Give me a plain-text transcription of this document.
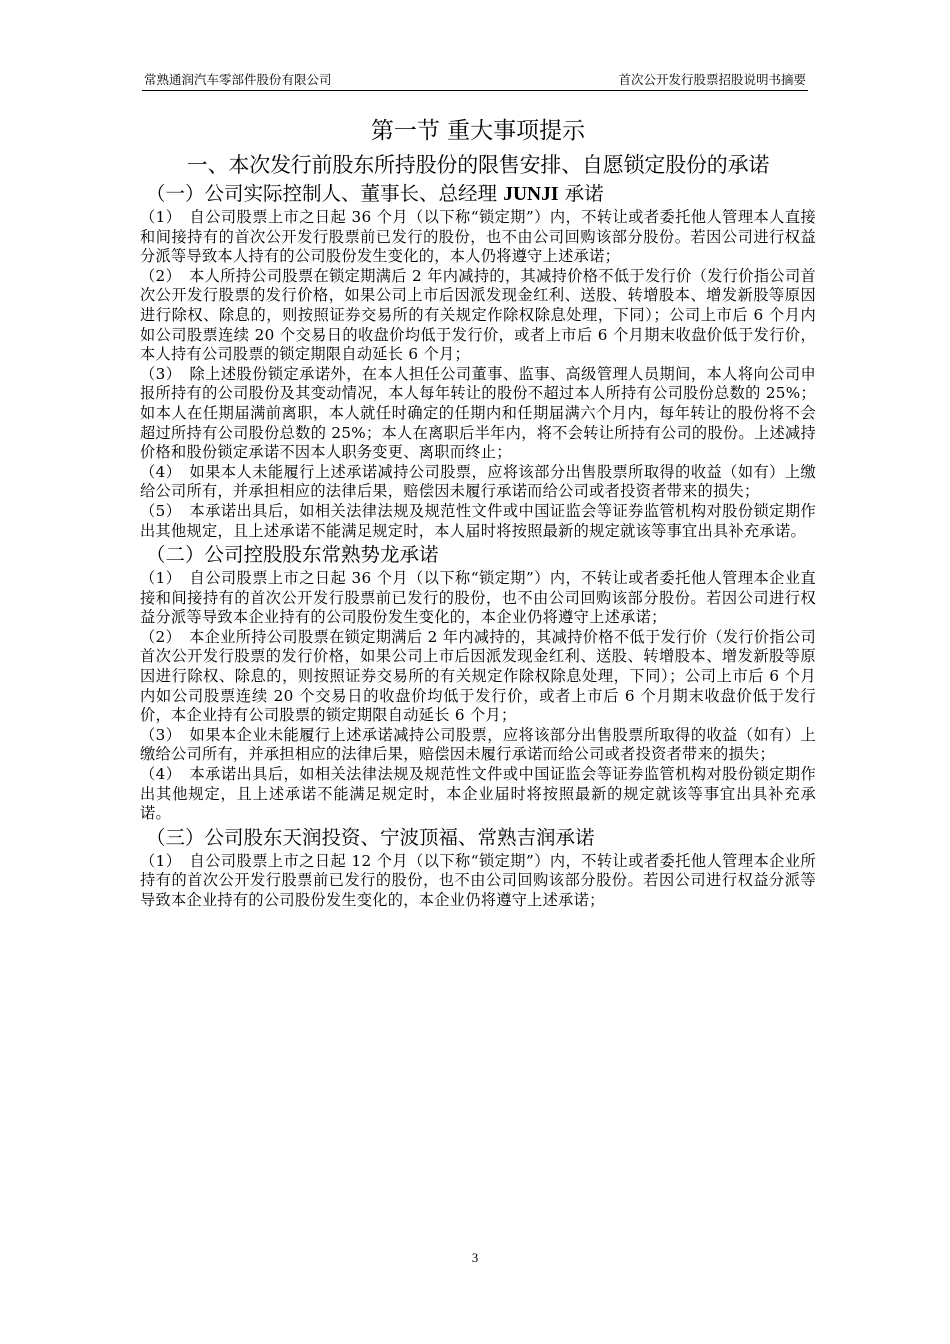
常熟通润汽车零部件股份有限公司	首次公开发行股票招股说明书摘要
第一节 重大事项提示
一、本次发行前股东所持股份的限售安排、自愿锁定股份的承诺
（一）公司实际控制人、董事长、总经理 JUNJI 承诺

（1）　自公司股票上市之日起 36 个月（以下称“锁定期”）内，不转让或者委托他人管理本人直接和间接持有的首次公开发行股票前已发行的股份，也不由公司回购该部分股份。若因公司进行权益分派等导致本人持有的公司股份发生变化的，本人仍将遵守上述承诺；

（2）　本人所持公司股票在锁定期满后 2 年内减持的，其减持价格不低于发行价（发行价指公司首次公开发行股票的发行价格，如果公司上市后因派发现金红利、送股、转增股本、增发新股等原因进行除权、除息的，则按照证券交易所的有关规定作除权除息处理，下同）；公司上市后 6 个月内如公司股票连续 20 个交易日的收盘价均低于发行价，或者上市后 6 个月期末收盘价低于发行价，本人持有公司股票的锁定期限自动延长 6 个月；

（3）　除上述股份锁定承诺外，在本人担任公司董事、监事、高级管理人员期间，本人将向公司申报所持有的公司股份及其变动情况，本人每年转让的股份不超过本人所持有公司股份总数的 25%；如本人在任期届满前离职，本人就任时确定的任期内和任期届满六个月内，每年转让的股份将不会超过所持有公司股份总数的 25%；本人在离职后半年内，将不会转让所持有公司的股份。上述减持价格和股份锁定承诺不因本人职务变更、离职而终止；

（4）　如果本人未能履行上述承诺减持公司股票，应将该部分出售股票所取得的收益（如有）上缴给公司所有，并承担相应的法律后果，赔偿因未履行承诺而给公司或者投资者带来的损失；

（5）　本承诺出具后，如相关法律法规及规范性文件或中国证监会等证券监管机构对股份锁定期作出其他规定，且上述承诺不能满足规定时，本人届时将按照最新的规定就该等事宜出具补充承诺。

（二）公司控股股东常熟势龙承诺

（1）　自公司股票上市之日起 36 个月（以下称“锁定期”）内，不转让或者委托他人管理本企业直接和间接持有的首次公开发行股票前已发行的股份，也不由公司回购该部分股份。若因公司进行权益分派等导致本企业持有的公司股份发生变化的，本企业仍将遵守上述承诺；

（2）　本企业所持公司股票在锁定期满后 2 年内减持的，其减持价格不低于发行价（发行价指公司首次公开发行股票的发行价格，如果公司上市后因派发现金红利、送股、转增股本、增发新股等原因进行除权、除息的，则按照证券交易所的有关规定作除权除息处理，下同）；公司上市后 6 个月内如公司股票连续 20 个交易日的收盘价均低于发行价，或者上市后 6 个月期末收盘价低于发行价，本企业持有公司股票的锁定期限自动延长 6 个月；

（3）　如果本企业未能履行上述承诺减持公司股票，应将该部分出售股票所取得的收益（如有）上缴给公司所有，并承担相应的法律后果，赔偿因未履行承诺而给公司或者投资者带来的损失；

（4）　本承诺出具后，如相关法律法规及规范性文件或中国证监会等证券监管机构对股份锁定期作出其他规定，且上述承诺不能满足规定时，本企业届时将按照最新的规定就该等事宜出具补充承诺。

（三）公司股东天润投资、宁波顶福、常熟吉润承诺

（1）　自公司股票上市之日起 12 个月（以下称“锁定期”）内，不转让或者委托他人管理本企业所持有的首次公开发行股票前已发行的股份，也不由公司回购该部分股份。若因公司进行权益分派等导致本企业持有的公司股份发生变化的，本企业仍将遵守上述承诺；

3
